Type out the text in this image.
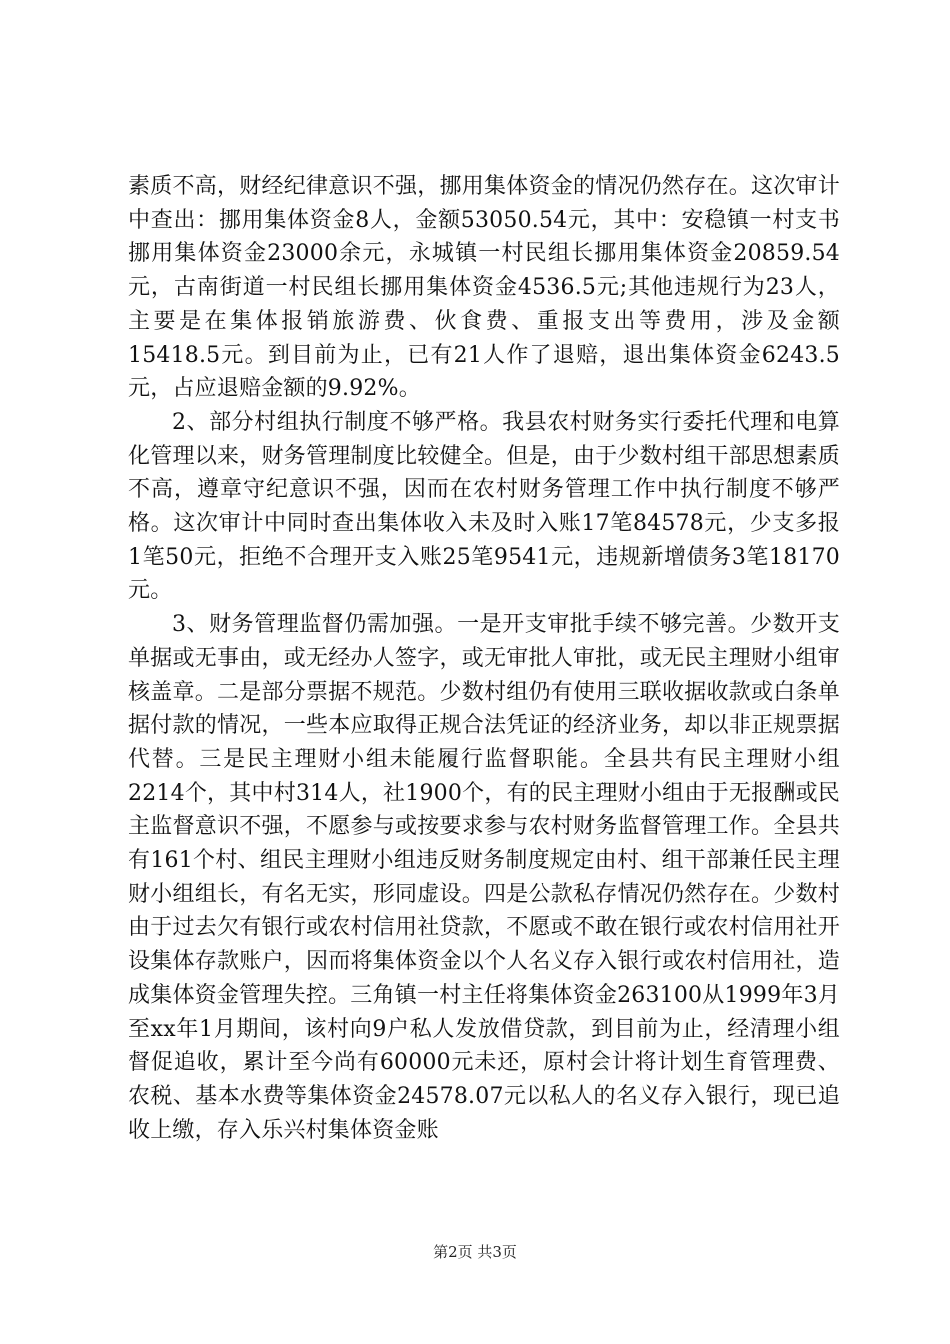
素质不高，财经纪律意识不强，挪用集体资金的情况仍然存在。这次审计中查出：挪用集体资金8人，金额53050.54元，其中：安稳镇一村支书挪用集体资金23000余元，永城镇一村民组长挪用集体资金20859.54元，古南街道一村民组长挪用集体资金4536.5元;其他违规行为23人，主要是在集体报销旅游费、伙食费、重报支出等费用，涉及金额15418.5元。到目前为止，已有21人作了退赔，退出集体资金6243.5元，占应退赔金额的9.92%。

2、部分村组执行制度不够严格。我县农村财务实行委托代理和电算化管理以来，财务管理制度比较健全。但是，由于少数村组干部思想素质不高，遵章守纪意识不强，因而在农村财务管理工作中执行制度不够严格。这次审计中同时查出集体收入未及时入账17笔84578元，少支多报1笔50元，拒绝不合理开支入账25笔9541元，违规新增债务3笔18170元。

3、财务管理监督仍需加强。一是开支审批手续不够完善。少数开支单据或无事由，或无经办人签字，或无审批人审批，或无民主理财小组审核盖章。二是部分票据不规范。少数村组仍有使用三联收据收款或白条单据付款的情况，一些本应取得正规合法凭证的经济业务，却以非正规票据代替。三是民主理财小组未能履行监督职能。全县共有民主理财小组2214个，其中村314人，社1900个，有的民主理财小组由于无报酬或民主监督意识不强，不愿参与或按要求参与农村财务监督管理工作。全县共有161个村、组民主理财小组违反财务制度规定由村、组干部兼任民主理财小组组长，有名无实，形同虚设。四是公款私存情况仍然存在。少数村由于过去欠有银行或农村信用社贷款，不愿或不敢在银行或农村信用社开设集体存款账户，因而将集体资金以个人名义存入银行或农村信用社，造成集体资金管理失控。三角镇一村主任将集体资金263100从1999年3月至xx年1月期间，该村向9户私人发放借贷款，到目前为止，经清理小组督促追收，累计至今尚有60000元未还，原村会计将计划生育管理费、农税、基本水费等集体资金24578.07元以私人的名义存入银行，现已追收上缴，存入乐兴村集体资金账

第2页 共3页
